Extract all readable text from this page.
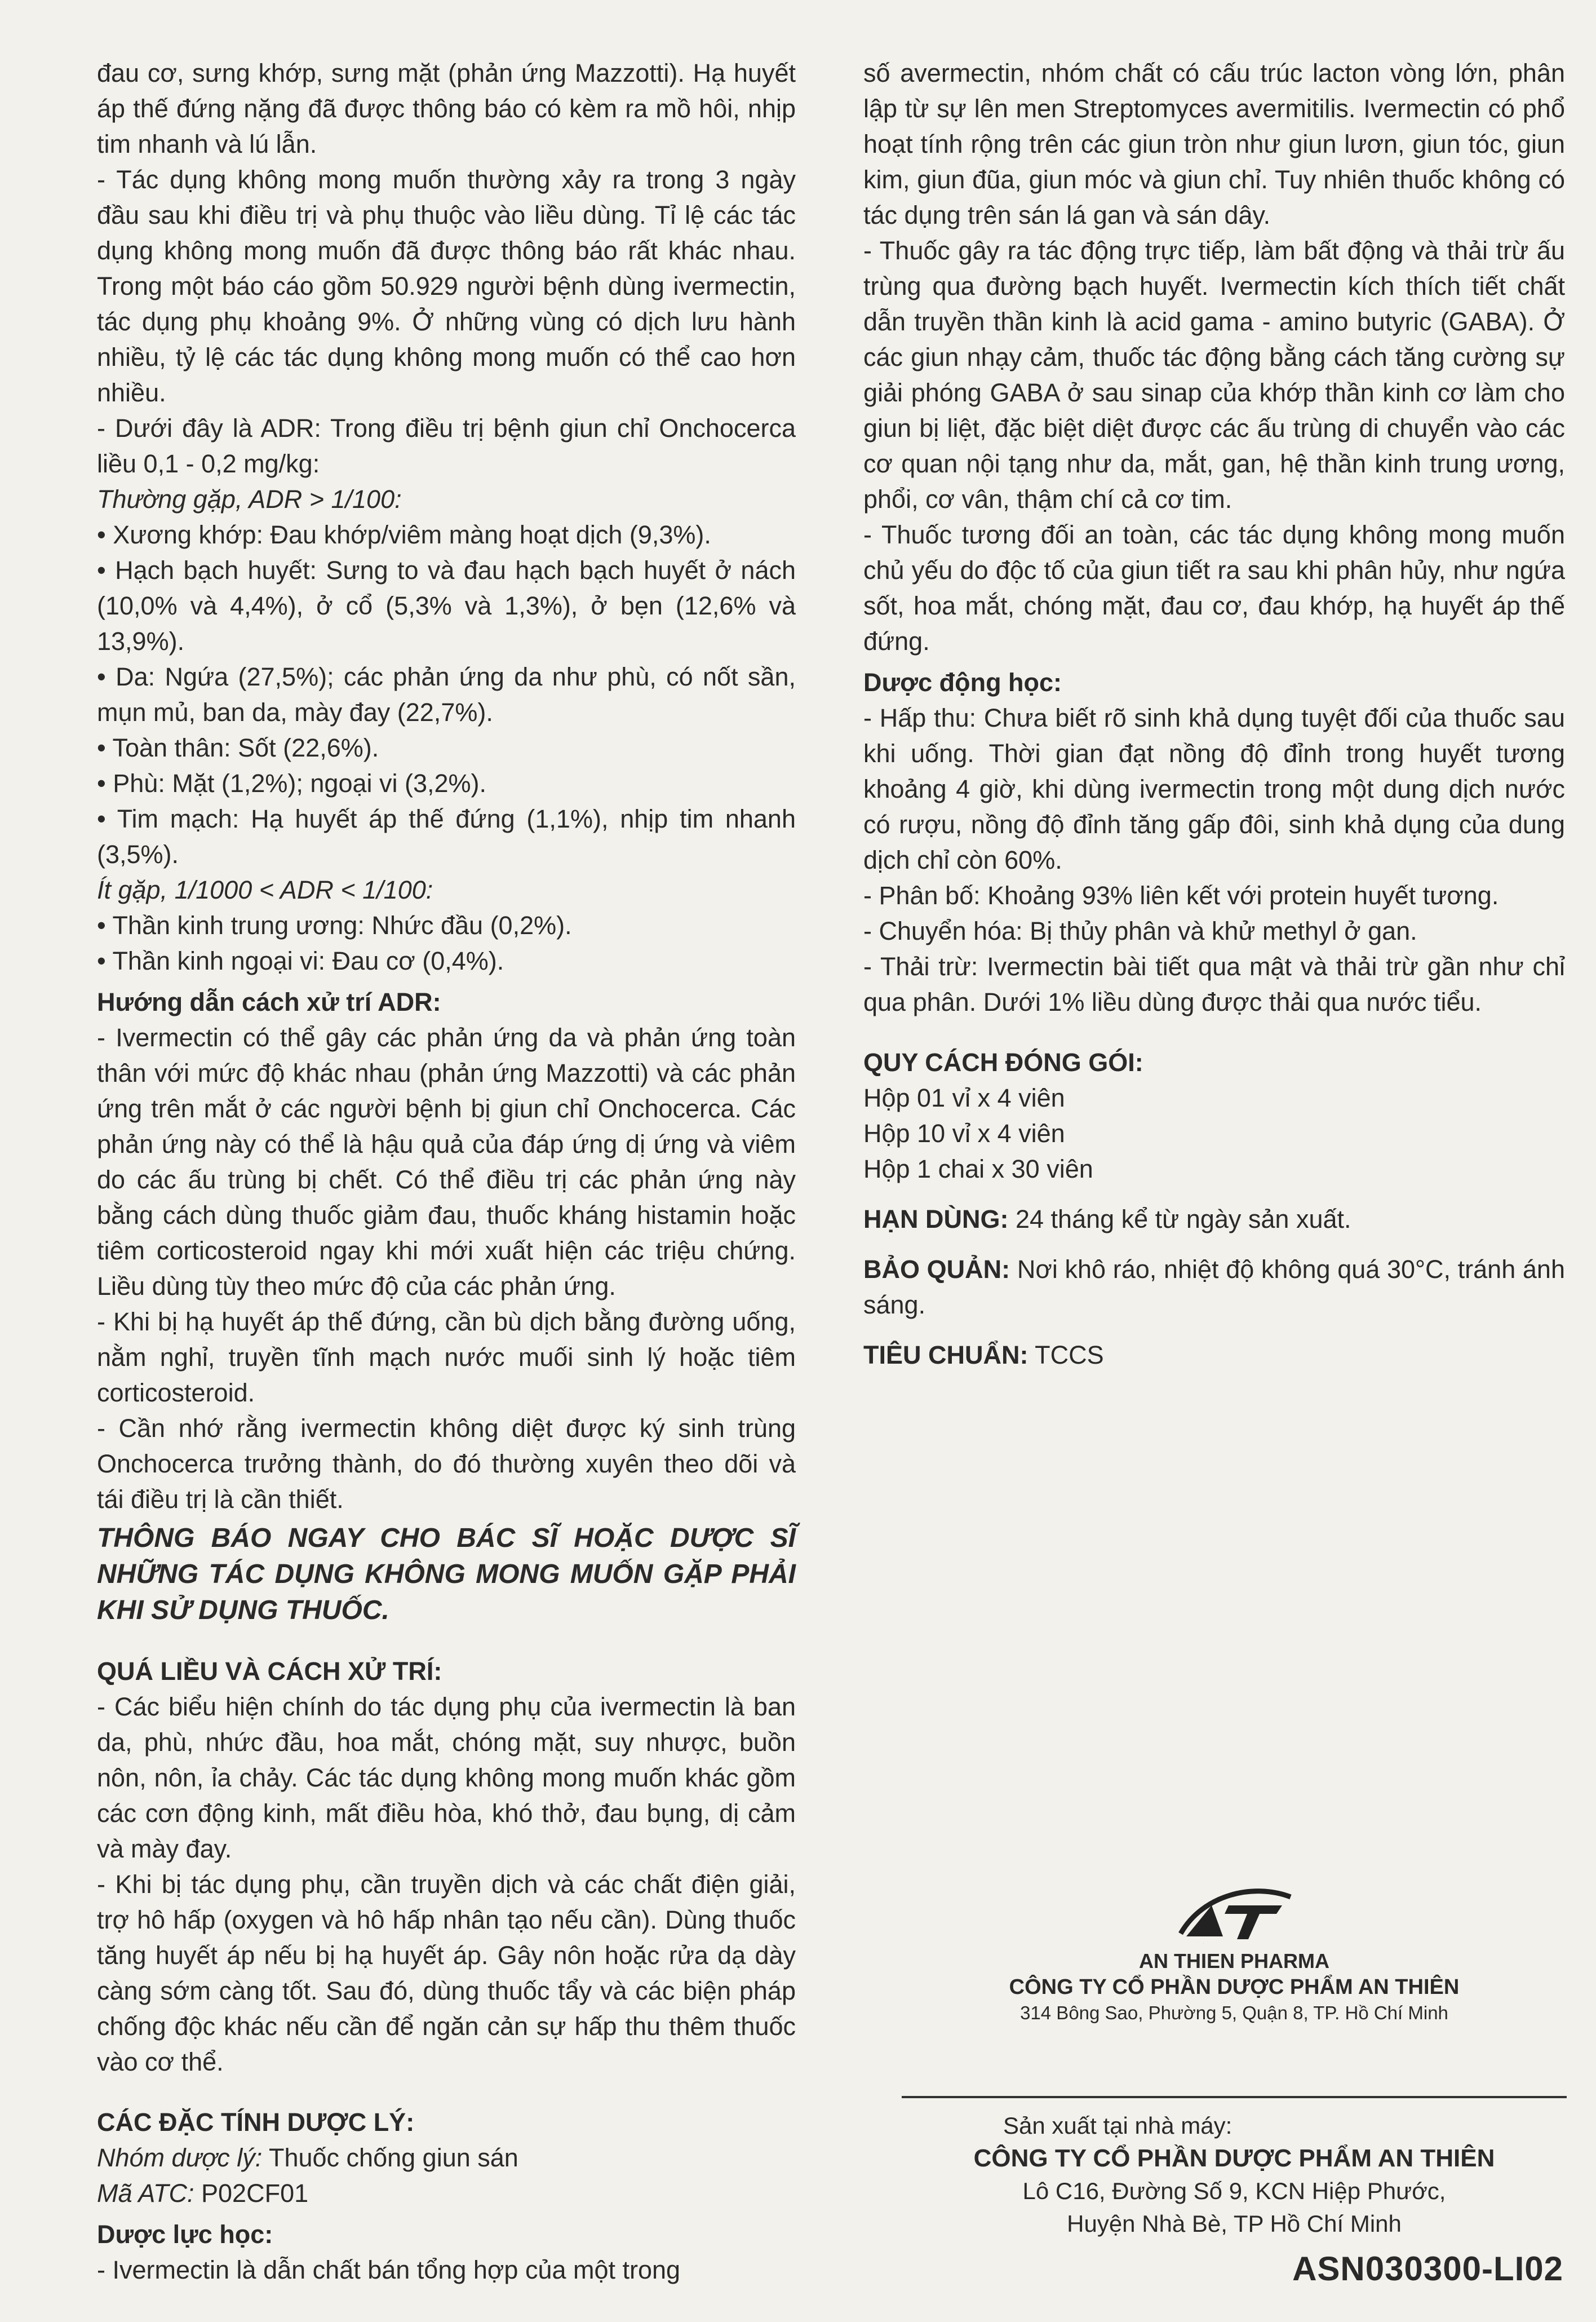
đau cơ, sưng khớp, sưng mặt (phản ứng Mazzotti). Hạ huyết áp thế đứng nặng đã được thông báo có kèm ra mồ hôi, nhịp tim nhanh và lú lẫn.

- Tác dụng không mong muốn thường xảy ra trong 3 ngày đầu sau khi điều trị và phụ thuộc vào liều dùng. Tỉ lệ các tác dụng không mong muốn đã được thông báo rất khác nhau. Trong một báo cáo gồm 50.929 người bệnh dùng ivermectin, tác dụng phụ khoảng 9%. Ở những vùng có dịch lưu hành nhiều, tỷ lệ các tác dụng không mong muốn có thể cao hơn nhiều.

- Dưới đây là ADR: Trong điều trị bệnh giun chỉ Onchocerca liều 0,1 - 0,2 mg/kg:

Thường gặp, ADR > 1/100:

• Xương khớp: Đau khớp/viêm màng hoạt dịch (9,3%).

• Hạch bạch huyết: Sưng to và đau hạch bạch huyết ở nách (10,0% và 4,4%), ở cổ (5,3% và 1,3%), ở bẹn (12,6% và 13,9%).

• Da: Ngứa (27,5%); các phản ứng da như phù, có nốt sần, mụn mủ, ban da, mày đay (22,7%).

• Toàn thân: Sốt (22,6%).

• Phù: Mặt (1,2%); ngoại vi (3,2%).

• Tim mạch: Hạ huyết áp thế đứng (1,1%), nhịp tim nhanh (3,5%).

Ít gặp, 1/1000 < ADR < 1/100:

• Thần kinh trung ương: Nhức đầu (0,2%).

• Thần kinh ngoại vi: Đau cơ (0,4%).

Hướng dẫn cách xử trí ADR:

- Ivermectin có thể gây các phản ứng da và phản ứng toàn thân với mức độ khác nhau (phản ứng Mazzotti) và các phản ứng trên mắt ở các người bệnh bị giun chỉ Onchocerca. Các phản ứng này có thể là hậu quả của đáp ứng dị ứng và viêm do các ấu trùng bị chết. Có thể điều trị các phản ứng này bằng cách dùng thuốc giảm đau, thuốc kháng histamin hoặc tiêm corticosteroid ngay khi mới xuất hiện các triệu chứng. Liều dùng tùy theo mức độ của các phản ứng.

- Khi bị hạ huyết áp thế đứng, cần bù dịch bằng đường uống, nằm nghỉ, truyền tĩnh mạch nước muối sinh lý hoặc tiêm corticosteroid.

- Cần nhớ rằng ivermectin không diệt được ký sinh trùng Onchocerca trưởng thành, do đó thường xuyên theo dõi và tái điều trị là cần thiết.

THÔNG BÁO NGAY CHO BÁC SĨ HOẶC DƯỢC SĨ NHỮNG TÁC DỤNG KHÔNG MONG MUỐN GẶP PHẢI KHI SỬ DỤNG THUỐC.

QUÁ LIỀU VÀ CÁCH XỬ TRÍ:

- Các biểu hiện chính do tác dụng phụ của ivermectin là ban da, phù, nhức đầu, hoa mắt, chóng mặt, suy nhược, buồn nôn, nôn, ỉa chảy. Các tác dụng không mong muốn khác gồm các cơn động kinh, mất điều hòa, khó thở, đau bụng, dị cảm và mày đay.

- Khi bị tác dụng phụ, cần truyền dịch và các chất điện giải, trợ hô hấp (oxygen và hô hấp nhân tạo nếu cần). Dùng thuốc tăng huyết áp nếu bị hạ huyết áp. Gây nôn hoặc rửa dạ dày càng sớm càng tốt. Sau đó, dùng thuốc tẩy và các biện pháp chống độc khác nếu cần để ngăn cản sự hấp thu thêm thuốc vào cơ thể.

CÁC ĐẶC TÍNH DƯỢC LÝ:

Nhóm dược lý: Thuốc chống giun sán

Mã ATC: P02CF01

Dược lực học:

- Ivermectin là dẫn chất bán tổng hợp của một trong

số avermectin, nhóm chất có cấu trúc lacton vòng lớn, phân lập từ sự lên men Streptomyces avermitilis. Ivermectin có phổ hoạt tính rộng trên các giun tròn như giun lươn, giun tóc, giun kim, giun đũa, giun móc và giun chỉ. Tuy nhiên thuốc không có tác dụng trên sán lá gan và sán dây.

- Thuốc gây ra tác động trực tiếp, làm bất động và thải trừ ấu trùng qua đường bạch huyết. Ivermectin kích thích tiết chất dẫn truyền thần kinh là acid gama - amino butyric (GABA). Ở các giun nhạy cảm, thuốc tác động bằng cách tăng cường sự giải phóng GABA ở sau sinap của khớp thần kinh cơ làm cho giun bị liệt, đặc biệt diệt được các ấu trùng di chuyển vào các cơ quan nội tạng như da, mắt, gan, hệ thần kinh trung ương, phổi, cơ vân, thậm chí cả cơ tim.

- Thuốc tương đối an toàn, các tác dụng không mong muốn chủ yếu do độc tố của giun tiết ra sau khi phân hủy, như ngứa sốt, hoa mắt, chóng mặt, đau cơ, đau khớp, hạ huyết áp thế đứng.

Dược động học:

- Hấp thu: Chưa biết rõ sinh khả dụng tuyệt đối của thuốc sau khi uống. Thời gian đạt nồng độ đỉnh trong huyết tương khoảng 4 giờ, khi dùng ivermectin trong một dung dịch nước có rượu, nồng độ đỉnh tăng gấp đôi, sinh khả dụng của dung dịch chỉ còn 60%.

- Phân bố: Khoảng 93% liên kết với protein huyết tương.

- Chuyển hóa: Bị thủy phân và khử methyl ở gan.

- Thải trừ: Ivermectin bài tiết qua mật và thải trừ gần như chỉ qua phân. Dưới 1% liều dùng được thải qua nước tiểu.

QUY CÁCH ĐÓNG GÓI:

Hộp 01 vỉ x 4 viên

Hộp 10 vỉ x 4 viên

Hộp 1 chai x 30 viên

HẠN DÙNG: 24 tháng kể từ ngày sản xuất.

BẢO QUẢN: Nơi khô ráo, nhiệt độ không quá 30°C, tránh ánh sáng.

TIÊU CHUẨN: TCCS

AT
AN THIEN PHARMA
CÔNG TY CỔ PHẦN DƯỢC PHẨM AN THIÊN
314 Bông Sao, Phường 5, Quận 8, TP. Hồ Chí Minh
Sản xuất tại nhà máy:
CÔNG TY CỔ PHẦN DƯỢC PHẨM AN THIÊN
Lô C16, Đường Số 9, KCN Hiệp Phước,
Huyện Nhà Bè, TP Hồ Chí Minh
ASN030300-LI02
